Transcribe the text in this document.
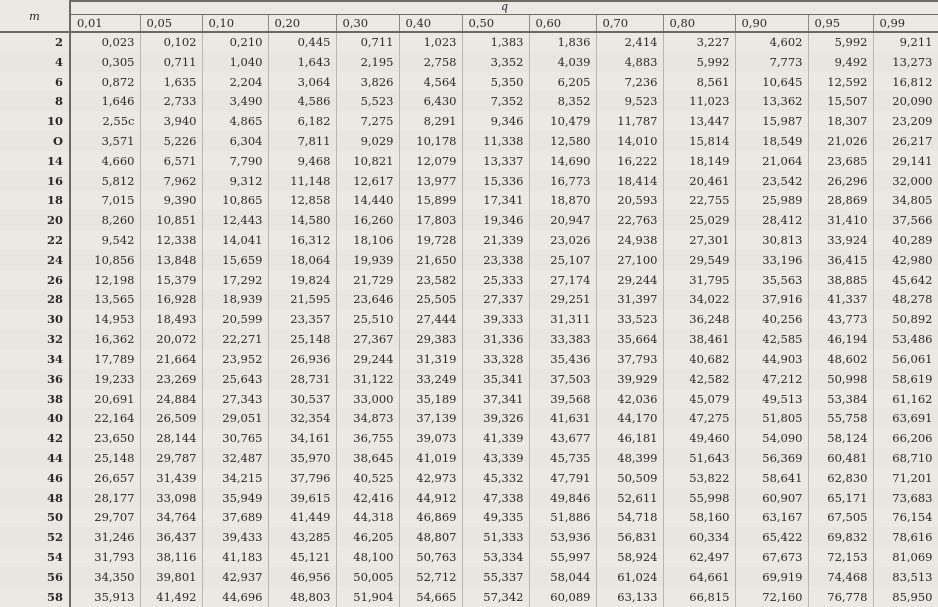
m	q												
	0,01	0,05	0,10	0,20	0,30	0,40	0,50	0,60	0,70	0,80	0,90	0,95	0,99
2	0,023	0,102	0,210	0,445	0,711	1,023	1,383	1,836	2,414	3,227	4,602	5,992	9,211
4	0,305	0,711	1,040	1,643	2,195	2,758	3,352	4,039	4,883	5,992	7,773	9,492	13,273
6	0,872	1,635	2,204	3,064	3,826	4,564	5,350	6,205	7,236	8,561	10,645	12,592	16,812
8	1,646	2,733	3,490	4,586	5,523	6,430	7,352	8,352	9,523	11,023	13,362	15,507	20,090
10	2,55c	3,940	4,865	6,182	7,275	8,291	9,346	10,479	11,787	13,447	15,987	18,307	23,209
O	3,571	5,226	6,304	7,811	9,029	10,178	11,338	12,580	14,010	15,814	18,549	21,026	26,217
14	4,660	6,571	7,790	9,468	10,821	12,079	13,337	14,690	16,222	18,149	21,064	23,685	29,141
16	5,812	7,962	9,312	11,148	12,617	13,977	15,336	16,773	18,414	20,461	23,542	26,296	32,000
18	7,015	9,390	10,865	12,858	14,440	15,899	17,341	18,870	20,593	22,755	25,989	28,869	34,805
20	8,260	10,851	12,443	14,580	16,260	17,803	19,346	20,947	22,763	25,029	28,412	31,410	37,566
22	9,542	12,338	14,041	16,312	18,106	19,728	21,339	23,026	24,938	27,301	30,813	33,924	40,289
24	10,856	13,848	15,659	18,064	19,939	21,650	23,338	25,107	27,100	29,549	33,196	36,415	42,980
26	12,198	15,379	17,292	19,824	21,729	23,582	25,333	27,174	29,244	31,795	35,563	38,885	45,642
28	13,565	16,928	18,939	21,595	23,646	25,505	27,337	29,251	31,397	34,022	37,916	41,337	48,278
30	14,953	18,493	20,599	23,357	25,510	27,444	39,333	31,311	33,523	36,248	40,256	43,773	50,892
32	16,362	20,072	22,271	25,148	27,367	29,383	31,336	33,383	35,664	38,461	42,585	46,194	53,486
34	17,789	21,664	23,952	26,936	29,244	31,319	33,328	35,436	37,793	40,682	44,903	48,602	56,061
36	19,233	23,269	25,643	28,731	31,122	33,249	35,341	37,503	39,929	42,582	47,212	50,998	58,619
38	20,691	24,884	27,343	30,537	33,000	35,189	37,341	39,568	42,036	45,079	49,513	53,384	61,162
40	22,164	26,509	29,051	32,354	34,873	37,139	39,326	41,631	44,170	47,275	51,805	55,758	63,691
42	23,650	28,144	30,765	34,161	36,755	39,073	41,339	43,677	46,181	49,460	54,090	58,124	66,206
44	25,148	29,787	32,487	35,970	38,645	41,019	43,339	45,735	48,399	51,643	56,369	60,481	68,710
46	26,657	31,439	34,215	37,796	40,525	42,973	45,332	47,791	50,509	53,822	58,641	62,830	71,201
48	28,177	33,098	35,949	39,615	42,416	44,912	47,338	49,846	52,611	55,998	60,907	65,171	73,683
50	29,707	34,764	37,689	41,449	44,318	46,869	49,335	51,886	54,718	58,160	63,167	67,505	76,154
52	31,246	36,437	39,433	43,285	46,205	48,807	51,333	53,936	56,831	60,334	65,422	69,832	78,616
54	31,793	38,116	41,183	45,121	48,100	50,763	53,334	55,997	58,924	62,497	67,673	72,153	81,069
56	34,350	39,801	42,937	46,956	50,005	52,712	55,337	58,044	61,024	64,661	69,919	74,468	83,513
58	35,913	41,492	44,696	48,803	51,904	54,665	57,342	60,089	63,133	66,815	72,160	76,778	85,950
